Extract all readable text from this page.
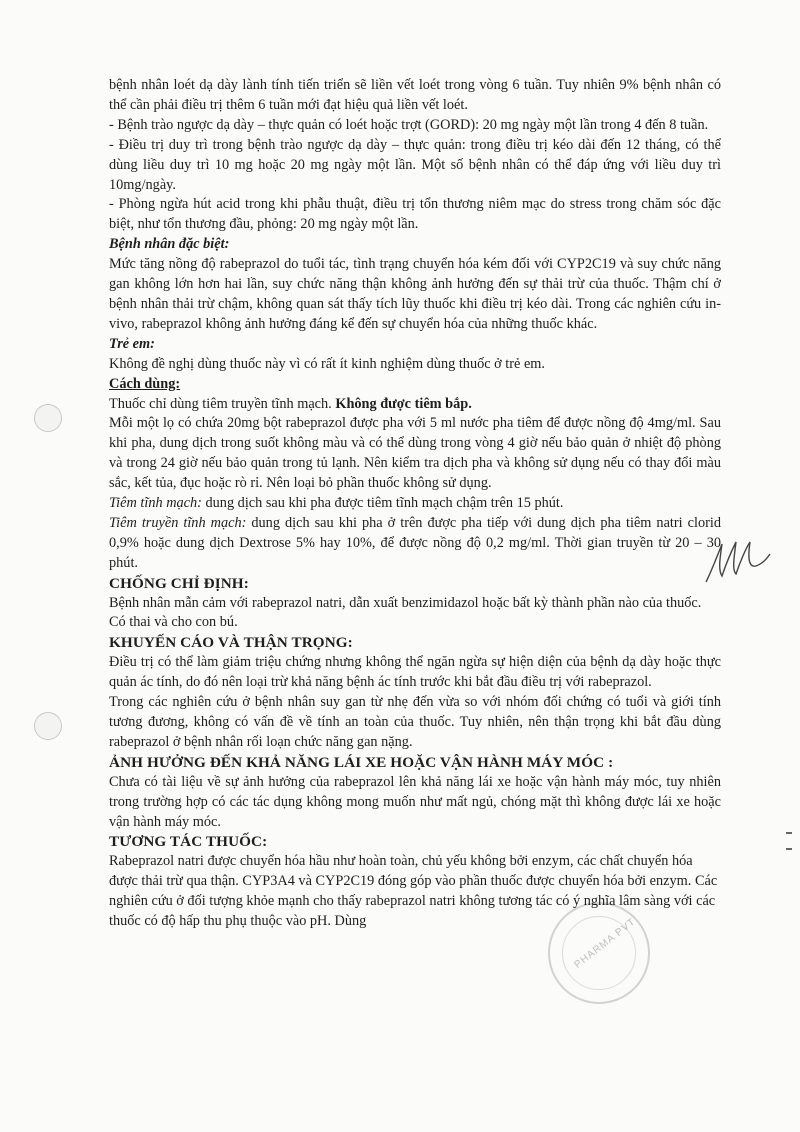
PHARMA PVT

bệnh nhân loét dạ dày lành tính tiến triển sẽ liền vết loét trong vòng 6 tuần. Tuy nhiên 9% bệnh nhân có thể cần phải điều trị thêm 6 tuần mới đạt hiệu quả liền vết loét.

- Bệnh trào ngược dạ dày – thực quản có loét hoặc trợt (GORD): 20 mg ngày một lần trong 4 đến 8 tuần.

- Điều trị duy trì trong bệnh trào ngược dạ dày – thực quản: trong điều trị kéo dài đến 12 tháng, có thể dùng liều duy trì 10 mg hoặc 20 mg ngày một lần. Một số bệnh nhân có thể đáp ứng với liều duy trì 10mg/ngày.

- Phòng ngừa hút acid trong khi phẫu thuật, điều trị tổn thương niêm mạc do stress trong chăm sóc đặc biệt, như tổn thương đầu, phỏng: 20 mg ngày một lần.

Bệnh nhân đặc biệt:

Mức tăng nồng độ rabeprazol do tuổi tác, tình trạng chuyển hóa kém đối với CYP2C19 và suy chức năng gan không lớn hơn hai lần, suy chức năng thận không ảnh hưởng đến sự thải trừ của thuốc. Thậm chí ở bệnh nhân thải trừ chậm, không quan sát thấy tích lũy thuốc khi điều trị kéo dài. Trong các nghiên cứu in-vivo, rabeprazol không ảnh hưởng đáng kể đến sự chuyển hóa của những thuốc khác.

Trẻ em:

Không đề nghị dùng thuốc này vì có rất ít kinh nghiệm dùng thuốc ở trẻ em.

Cách dùng:

Thuốc chỉ dùng tiêm truyền tĩnh mạch. Không được tiêm bắp.

Mỗi một lọ có chứa 20mg bột rabeprazol được pha với 5 ml nước pha tiêm để được nồng độ 4mg/ml. Sau khi pha, dung dịch trong suốt không màu và có thể dùng trong vòng 4 giờ nếu bảo quản ở nhiệt độ phòng và trong 24 giờ nếu bảo quản trong tủ lạnh. Nên kiểm tra dịch pha và không sử dụng nếu có thay đổi màu sắc, kết tủa, đục hoặc rò rỉ. Nên loại bỏ phần thuốc không sử dụng.

Tiêm tĩnh mạch: dung dịch sau khi pha được tiêm tĩnh mạch chậm trên 15 phút.

Tiêm truyền tĩnh mạch: dung dịch sau khi pha ở trên được pha tiếp với dung dịch pha tiêm natri clorid 0,9% hoặc dung dịch Dextrose 5% hay 10%, để được nồng độ 0,2 mg/ml. Thời gian truyền từ 20 – 30 phút.

CHỐNG CHỈ ĐỊNH:

Bệnh nhân mẫn cảm với rabeprazol natri, dẫn xuất benzimidazol hoặc bất kỳ thành phần nào của thuốc.

Có thai và cho con bú.

KHUYẾN CÁO VÀ THẬN TRỌNG:

Điều trị có thể làm giảm triệu chứng nhưng không thể ngăn ngừa sự hiện diện của bệnh dạ dày hoặc thực quản ác tính, do đó nên loại trừ khả năng bệnh ác tính trước khi bắt đầu điều trị với rabeprazol.

Trong các nghiên cứu ở bệnh nhân suy gan từ nhẹ đến vừa so với nhóm đối chứng có tuổi và giới tính tương đương, không có vấn đề về tính an toàn của thuốc. Tuy nhiên, nên thận trọng khi bắt đầu dùng rabeprazol ở bệnh nhân rối loạn chức năng gan nặng.

ẢNH HƯỞNG ĐẾN KHẢ NĂNG LÁI XE HOẶC VẬN HÀNH MÁY MÓC :

Chưa có tài liệu về sự ảnh hưởng của rabeprazol lên khả năng lái xe hoặc vận hành máy móc, tuy nhiên trong trường hợp có các tác dụng không mong muốn như mất ngủ, chóng mặt thì không được lái xe hoặc vận hành máy móc.

TƯƠNG TÁC THUỐC:

Rabeprazol natri được chuyển hóa hầu như hoàn toàn, chủ yếu không bởi enzym, các chất chuyển hóa được thải trừ qua thận. CYP3A4 và CYP2C19 đóng góp vào phần thuốc được chuyển hóa bởi enzym. Các nghiên cứu ở đối tượng khỏe mạnh cho thấy rabeprazol natri không tương tác có ý nghĩa lâm sàng với các thuốc có độ hấp thu phụ thuộc vào pH. Dùng
